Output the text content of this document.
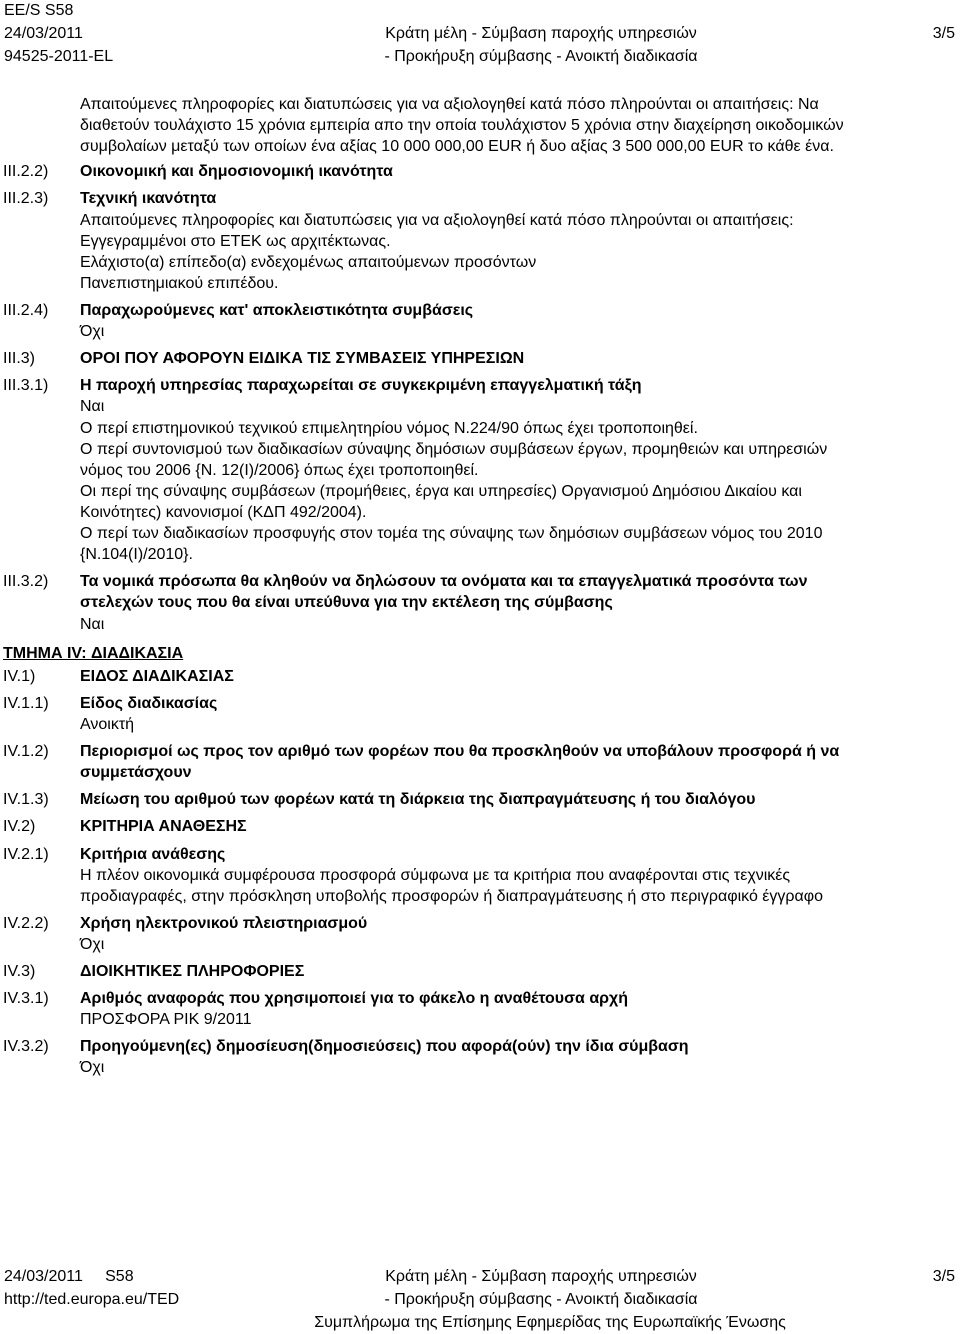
EE/S S58
24/03/2011
94525-2011-EL
Κράτη μέλη - Σύμβαση παροχής υπηρεσιών
- Προκήρυξη σύμβασης - Ανοικτή διαδικασία
3/5
Απαιτούμενες πληροφορίες και διατυπώσεις για να αξιολογηθεί κατά πόσο πληρούνται οι απαιτήσεις: Να
διαθετούν τουλάχιστο 15 χρόνια εμπειρία απο την οποία τουλάχιστον 5 χρόνια στην διαχείρηση οικοδομικών
συμβολαίων μεταξύ των οποίων ένα αξίας 10 000 000,00 EUR ή δυο αξίας 3 500 000,00 EUR το κάθε ένα.
III.2.2)	Οικονομική και δημοσιονομική ικανότητα
III.2.3)	Τεχνική ικανότητα
Απαιτούμενες πληροφορίες και διατυπώσεις για να αξιολογηθεί κατά πόσο πληρούνται οι απαιτήσεις:
Εγγεγραμμένοι στο ΕΤΕΚ ως αρχιτέκτωνας.
Ελάχιστο(α) επίπεδο(α) ενδεχομένως απαιτούμενων προσόντων
Πανεπιστημιακού επιπέδου.
III.2.4)	Παραχωρούμενες κατ' αποκλειστικότητα συμβάσεις
Όχι
III.3)	ΟΡΟΙ ΠΟΥ ΑΦΟΡΟΥΝ ΕΙΔΙΚΑ ΤΙΣ ΣΥΜΒΑΣΕΙΣ ΥΠΗΡΕΣΙΩΝ
III.3.1)	Η παροχή υπηρεσίας παραχωρείται σε συγκεκριμένη επαγγελματική τάξη
Ναι
Ο περί επιστημονικού τεχνικού επιμελητηρίου νόμος Ν.224/90 όπως έχει τροποποιηθεί.
Ο περί συντονισμού των διαδικασίων σύναψης δημόσιων συμβάσεων έργων, προμηθειών και υπηρεσιών
νόμος του 2006 {Ν. 12(Ι)/2006} όπως έχει τροποποιηθεί.
Οι περί της σύναψης συμβάσεων (προμήθειες, έργα και υπηρεσίες) Οργανισμού Δημόσιου Δικαίου και
Κοινότητες) κανονισμοί (ΚΔΠ 492/2004).
Ο περί των διαδικασίων προσφυγής στον τομέα της σύναψης των δημόσιων συμβάσεων νόμος του 2010
{Ν.104(Ι)/2010}.
III.3.2)	Τα νομικά πρόσωπα θα κληθούν να δηλώσουν τα ονόματα και τα επαγγελματικά προσόντα των
στελεχών τους που θα είναι υπεύθυνα για την εκτέλεση της σύμβασης
Ναι
ΤΜΗΜΑ IV: ΔΙΑΔΙΚΑΣΙΑ
IV.1)	ΕΙΔΟΣ ΔΙΑΔΙΚΑΣΙΑΣ
IV.1.1)	Είδος διαδικασίας
Ανοικτή
IV.1.2)	Περιορισμοί ως προς τον αριθμό των φορέων που θα προσκληθούν να υποβάλουν προσφορά ή να
συμμετάσχουν
IV.1.3)	Μείωση του αριθμού των φορέων κατά τη διάρκεια της διαπραγμάτευσης ή του διαλόγου
IV.2)	ΚΡΙΤΗΡΙΑ ΑΝΑΘΕΣΗΣ
IV.2.1)	Κριτήρια ανάθεσης
Η πλέον οικονομικά συμφέρουσα προσφορά σύμφωνα με τα κριτήρια που αναφέρονται στις τεχνικές
προδιαγραφές, στην πρόσκληση υποβολής προσφορών ή διαπραγμάτευσης ή στο περιγραφικό έγγραφο
IV.2.2)	Χρήση ηλεκτρονικού πλειστηριασμού
Όχι
IV.3)	ΔΙΟΙΚΗΤΙΚΕΣ ΠΛΗΡΟΦΟΡΙΕΣ
IV.3.1)	Αριθμός αναφοράς που χρησιμοποιεί για το φάκελο η αναθέτουσα αρχή
ΠΡΟΣΦΟΡΑ ΡΙΚ 9/2011
IV.3.2)	Προηγούμενη(ες) δημοσίευση(δημοσιεύσεις) που αφορά(ούν) την ίδια σύμβαση
Όχι
24/03/2011     S58
http://ted.europa.eu/TED
Κράτη μέλη - Σύμβαση παροχής υπηρεσιών
- Προκήρυξη σύμβασης - Ανοικτή διαδικασία
Συμπλήρωμα της Επίσημης Εφημερίδας της Ευρωπαϊκής Ένωσης
3/5
